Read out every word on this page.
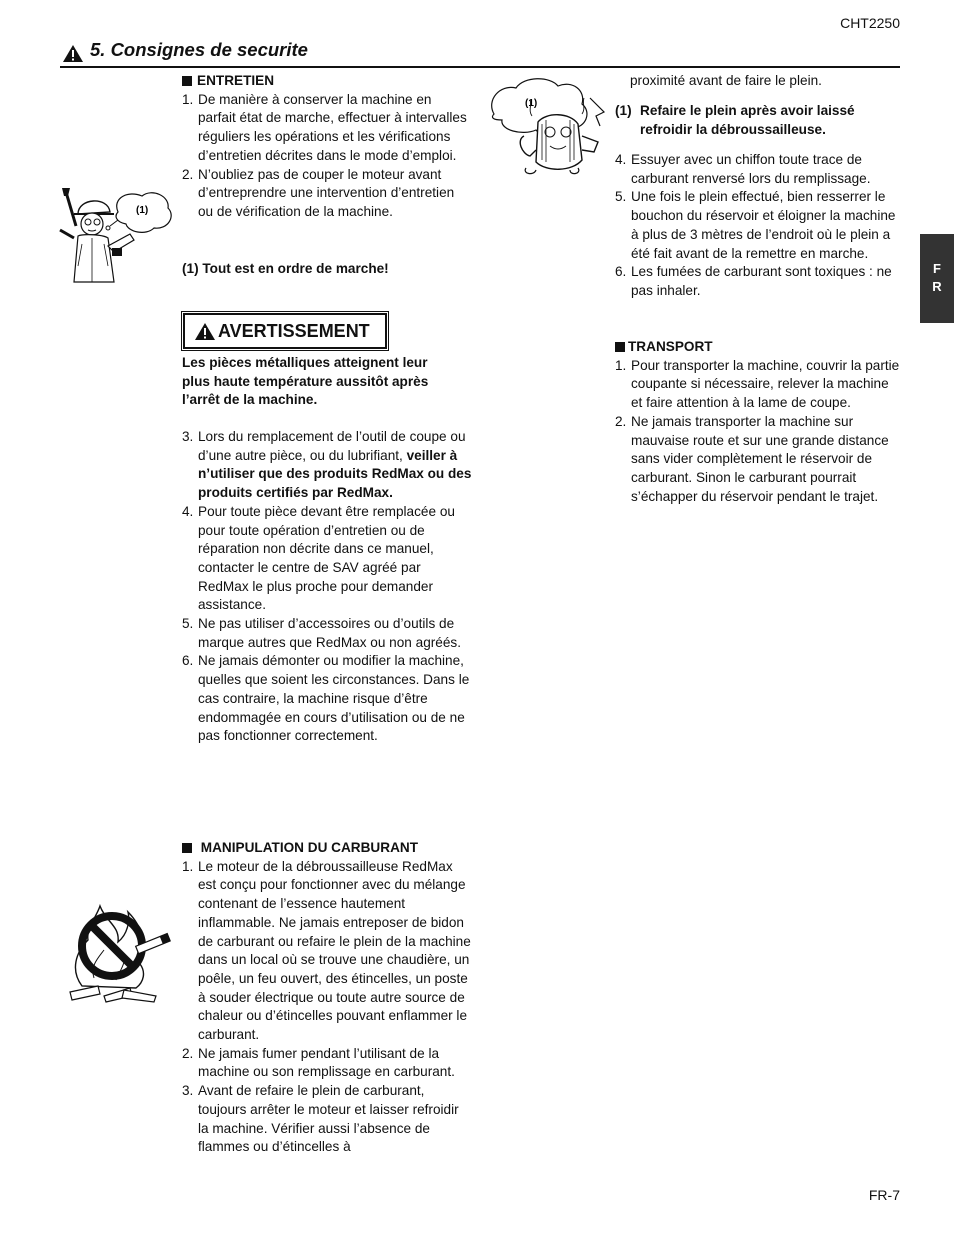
CHT2250
5. Consignes de securite
F
R
(1)
ENTRETIEN
1. De manière à conserver la machine en parfait état de marche, effectuer à intervalles réguliers les opérations et les vérifications d’entretien décrites dans le mode d’emploi.
2. N’oubliez pas de couper le moteur avant d’entreprendre une intervention d’entretien ou de vérification de la machine.
(1) Tout est en ordre de marche!
AVERTISSEMENT
Les pièces métalliques atteignent leur plus haute température aussitôt après l’arrêt de la machine.
3. Lors du remplacement de l’outil de coupe ou d’une autre pièce, ou du lubrifiant, veiller à n’utiliser que des produits RedMax ou des produits certifiés par RedMax.
4. Pour toute pièce devant être remplacée ou pour toute opération d’entretien ou de réparation non décrite dans ce manuel, contacter le centre de SAV agréé par RedMax le plus proche pour demander assistance.
5. Ne pas utiliser d’accessoires ou d’outils de marque autres que RedMax ou non agréés.
6. Ne jamais démonter ou modifier la machine, quelles que soient les circonstances. Dans le cas contraire, la machine risque d’être endommagée en cours d’utilisation ou de ne pas fonctionner correctement.
MANIPULATION DU CARBURANT
1. Le moteur de la débroussailleuse RedMax est conçu pour fonctionner avec du mélange contenant de l’essence hautement inflammable. Ne jamais entreposer de bidon de carburant ou refaire le plein de la machine dans un local où se trouve une chaudière, un poêle, un feu ouvert, des étincelles, un poste à souder électrique ou toute autre source de chaleur ou d’étincelles pouvant enflammer le carburant.
2. Ne jamais fumer pendant l’utilisant de la machine ou son remplissage en carburant.
3. Avant de refaire le plein de carburant, toujours arrêter le moteur et laisser refroidir la machine. Vérifier aussi l’absence de flammes ou d’étincelles à
(1)
proximité avant de faire le plein.
(1) Refaire le plein après avoir laissé refroidir la débroussailleuse.
4. Essuyer avec un chiffon toute trace de carburant renversé lors du remplissage.
5. Une fois le plein effectué, bien resserrer le bouchon du réservoir et éloigner la machine à plus de 3 mètres de l’endroit où le plein a été fait avant de la remettre en marche.
6. Les fumées de carburant sont toxiques : ne pas inhaler.
TRANSPORT
1. Pour transporter la machine, couvrir la partie coupante si nécessaire, relever la machine et faire attention à la lame de coupe.
2. Ne jamais transporter la machine sur mauvaise route et sur une grande distance sans vider complètement le réservoir de carburant. Sinon le carburant pourrait s’échapper du réservoir pendant le trajet.
FR-7
